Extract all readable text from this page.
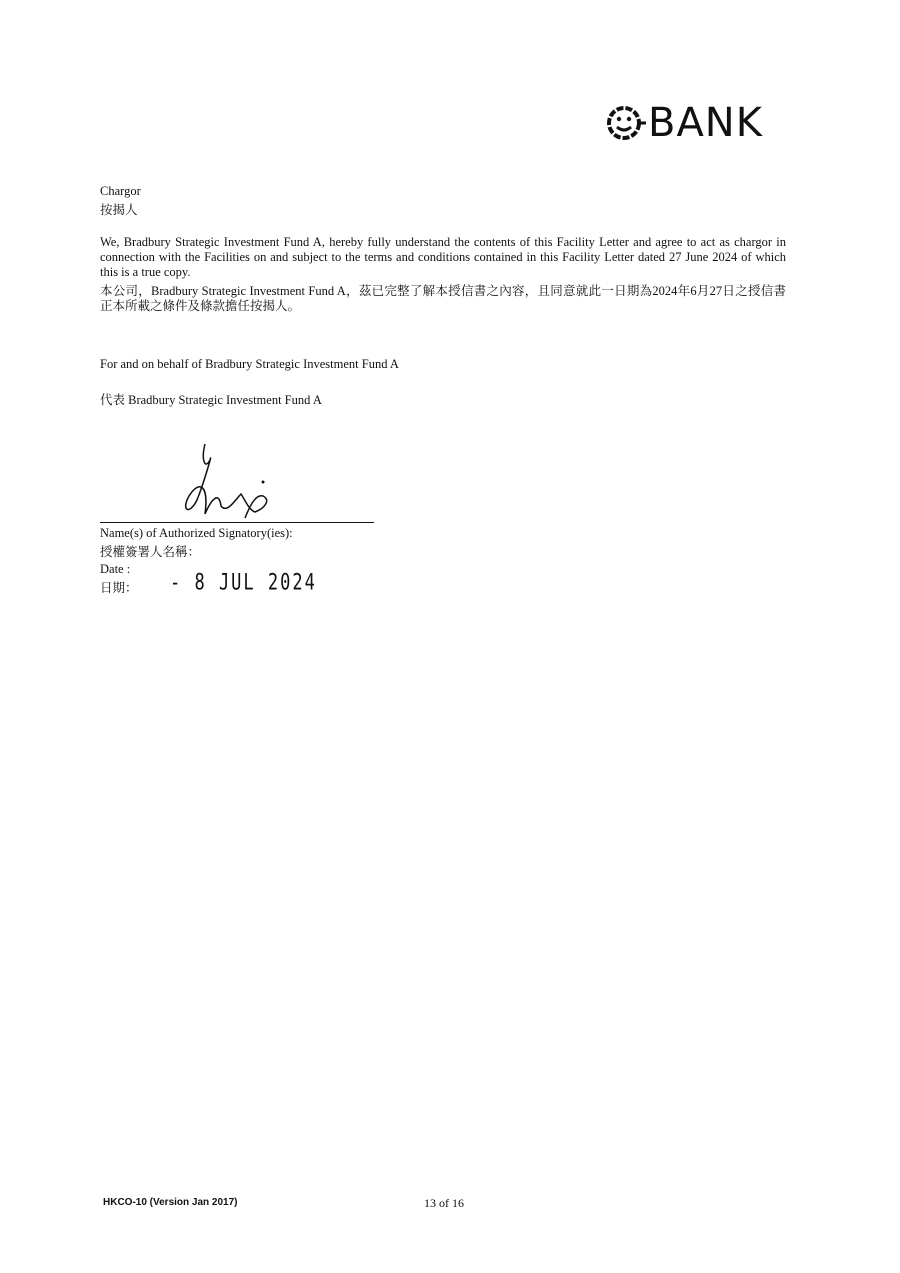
BANK
Chargor
按揭人
We, Bradbury Strategic Investment Fund A, hereby fully understand the contents of this Facility Letter and agree to act as chargor in connection with the Facilities on and subject to the terms and conditions contained in this Facility Letter dated 27 June 2024 of which this is a true copy.
本公司，Bradbury Strategic Investment Fund A，茲已完整了解本授信書之內容，且同意就此一日期為2024年6月27日之授信書正本所載之條件及條款擔任按揭人。
For and on behalf of Bradbury Strategic Investment Fund A
代表 Bradbury Strategic Investment Fund A
Name(s) of Authorized Signatory(ies):
授權簽署人名稱：
Date :
日期： - 8 JUL 2024
HKCO-10 (Version Jan 2017)	13 of 16
